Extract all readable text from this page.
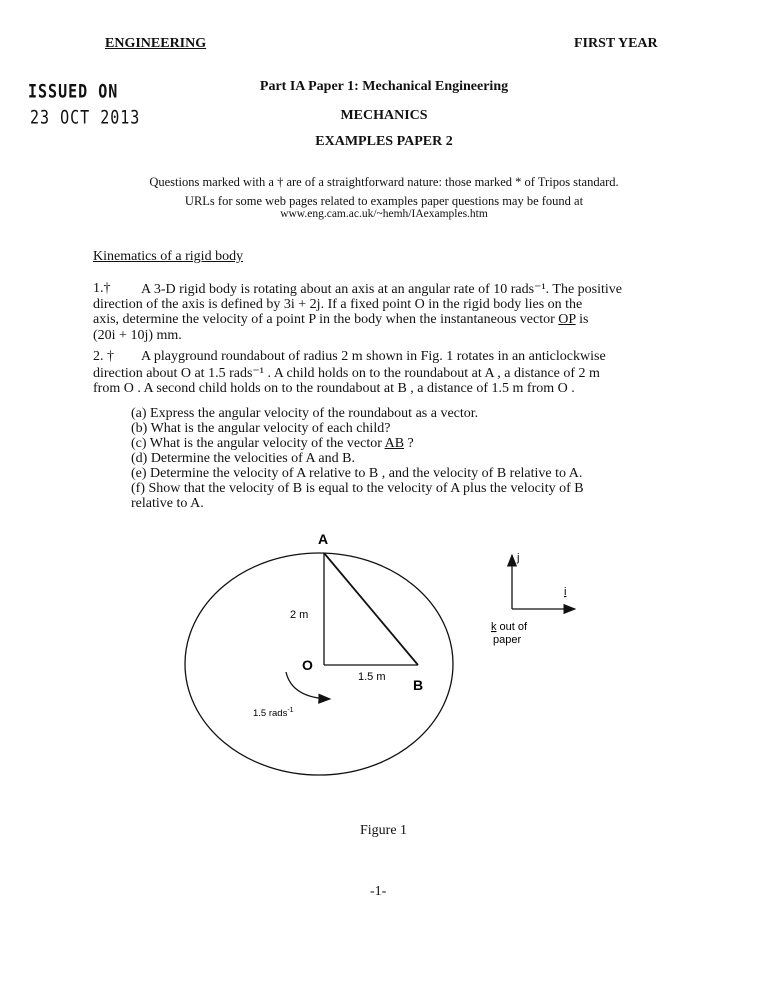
ENGINEERING	FIRST YEAR
ISSUED ON
23 OCT 2013
Part IA Paper 1: Mechanical Engineering
MECHANICS
EXAMPLES PAPER 2
Questions marked with a † are of a straightforward nature: those marked * of Tripos standard.
URLs for some web pages related to examples paper questions may be found at
www.eng.cam.ac.uk/~hemh/IAexamples.htm
Kinematics of a rigid body
1.† A 3-D rigid body is rotating about an axis at an angular rate of 10 rads⁻¹. The positive
direction of the axis is defined by 3i + 2j. If a fixed point O in the rigid body lies on the
axis, determine the velocity of a point P in the body when the instantaneous vector OP is
(20i + 10j) mm.
2. † A playground roundabout of radius 2 m shown in Fig. 1 rotates in an anticlockwise
direction about O at 1.5 rads⁻¹ . A child holds on to the roundabout at A , a distance of 2 m
from O . A second child holds on to the roundabout at B , a distance of 1.5 m from O .
(a) Express the angular velocity of the roundabout as a vector.
(b) What is the angular velocity of each child?
(c) What is the angular velocity of the vector AB ?
(d) Determine the velocities of A and B.
(e) Determine the velocity of A relative to B , and the velocity of B relative to A.
(f) Show that the velocity of B is equal to the velocity of A plus the velocity of B
relative to A.
A
O
B
2 m
1.5 m
1.5 rads$^{-1}$
j
i
k out of
paper
Figure 1
-1-
